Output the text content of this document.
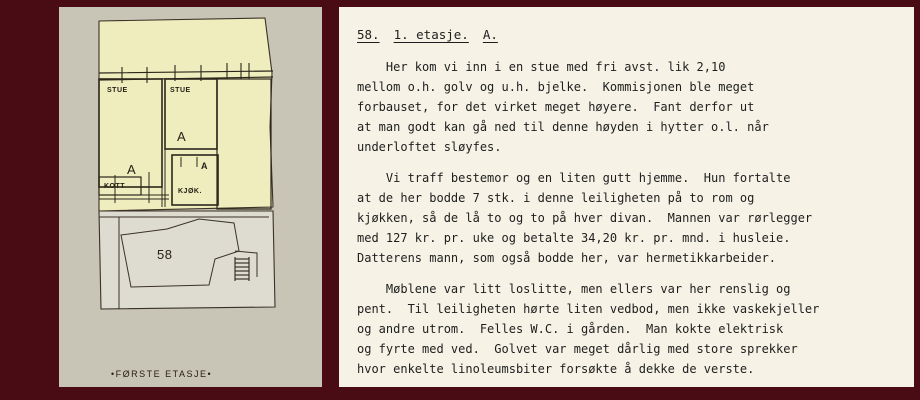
STUE	STUE
A
A	A
KOTT
KJØK.
58
•FØRSTE ETASJE•
58. 1. etasje. A.

Her kom vi inn i en stue med fri avst. lik 2,10
mellom o.h. golv og u.h. bjelke.  Kommisjonen ble meget
forbauset, for det virket meget høyere.  Fant derfor ut
at man godt kan gå ned til denne høyden i hytter o.l. når
underloftet sløyfes.

Vi traff bestemor og en liten gutt hjemme.  Hun fortalte
at de her bodde 7 stk. i denne leiligheten på to rom og
kjøkken, så de lå to og to på hver divan.  Mannen var rørlegger
med 127 kr. pr. uke og betalte 34,20 kr. pr. mnd. i husleie.
Datterens mann, som også bodde her, var hermetikkarbeider.

Møblene var litt loslitte, men ellers var her renslig og
pent.  Til leiligheten hørte liten vedbod, men ikke vaskekjeller
og andre utrom.  Felles W.C. i gården.  Man kokte elektrisk
og fyrte med ved.  Golvet var meget dårlig med store sprekker
hvor enkelte linoleumsbiter forsøkte å dekke de verste.
